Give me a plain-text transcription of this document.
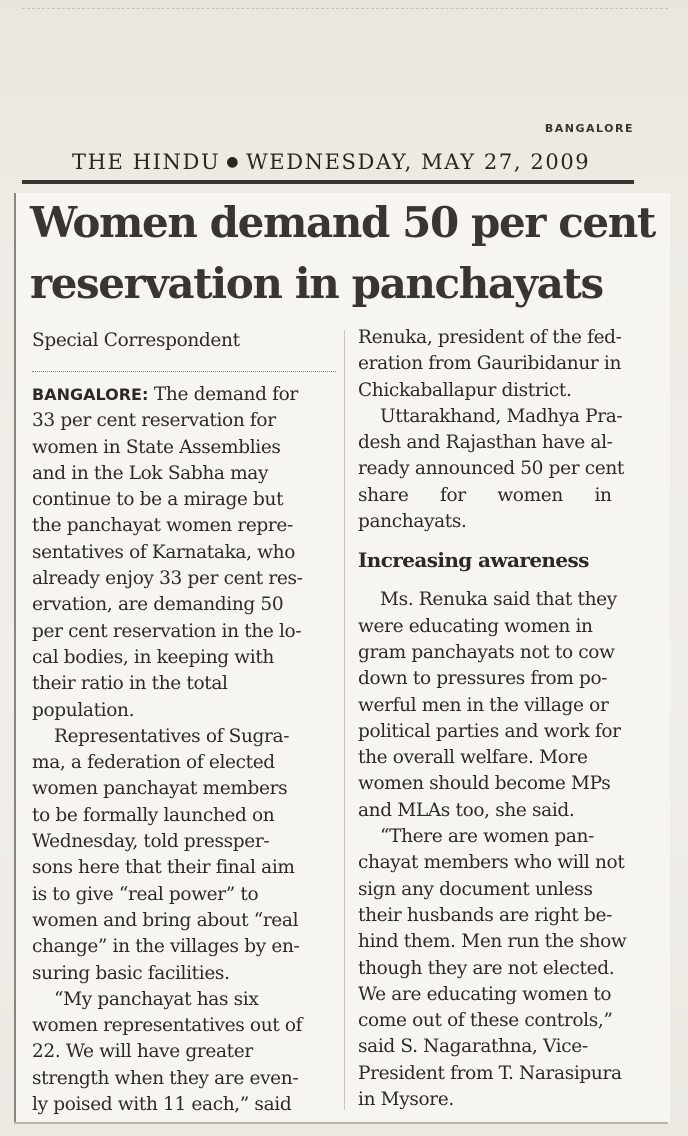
BANGALORE
THE HINDU ● WEDNESDAY, MAY 27, 2009
Women demand 50 per cent
reservation in panchayats
Special Correspondent
BANGALORE: The demand for
33 per cent reservation for
women in State Assemblies
and in the Lok Sabha may
continue to be a mirage but
the panchayat women repre-
sentatives of Karnataka, who
already enjoy 33 per cent res-
ervation, are demanding 50
per cent reservation in the lo-
cal bodies, in keeping with
their ratio in the total
population.
Representatives of Sugra-
ma, a federation of elected
women panchayat members
to be formally launched on
Wednesday, told pressper-
sons here that their final aim
is to give “real power” to
women and bring about “real
change” in the villages by en-
suring basic facilities.
“My panchayat has six
women representatives out of
22. We will have greater
strength when they are even-
ly poised with 11 each,” said
Renuka, president of the fed-
eration from Gauribidanur in
Chickaballapur district.
Uttarakhand, Madhya Pra-
desh and Rajasthan have al-
ready announced 50 per cent
share for women in
panchayats.
Increasing awareness
Ms. Renuka said that they
were educating women in
gram panchayats not to cow
down to pressures from po-
werful men in the village or
political parties and work for
the overall welfare. More
women should become MPs
and MLAs too, she said.
“There are women pan-
chayat members who will not
sign any document unless
their husbands are right be-
hind them. Men run the show
though they are not elected.
We are educating women to
come out of these controls,”
said S. Nagarathna, Vice-
President from T. Narasipura
in Mysore.
